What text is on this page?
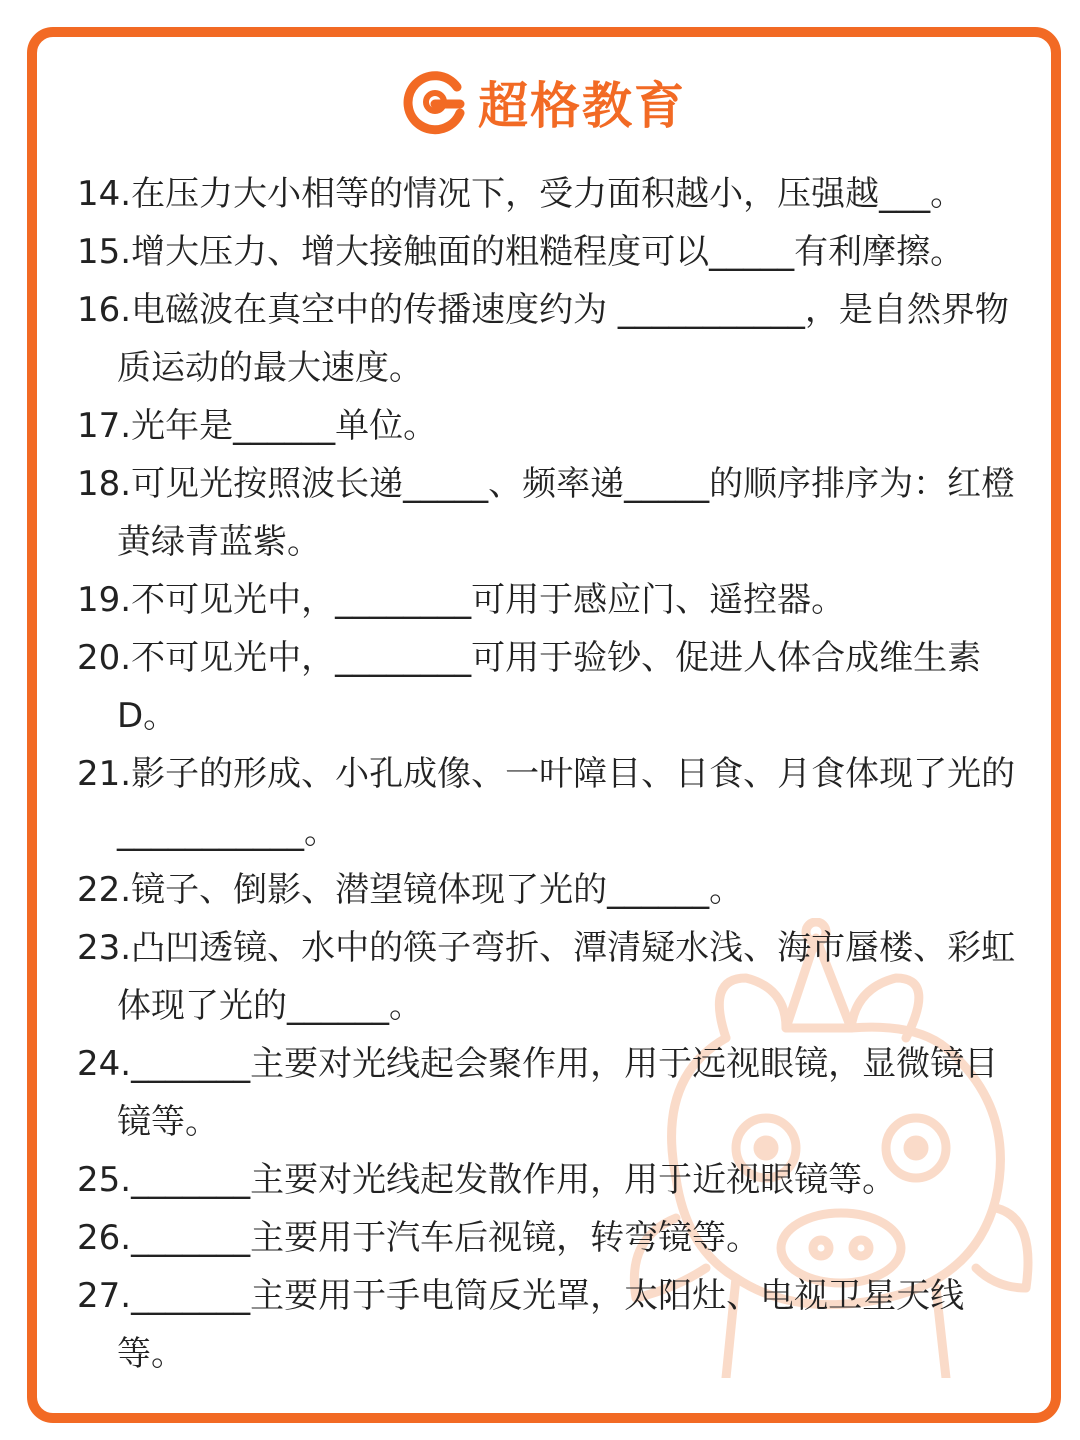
超格教育
14.在压力大小相等的情况下，受力面积越小，压强越___。
15.增大压力、增大接触面的粗糙程度可以_____有利摩擦。
16.电磁波在真空中的传播速度约为 ___________，是自然界物质运动的最大速度。
17.光年是______单位。
18.可见光按照波长递_____、频率递_____的顺序排序为：红橙黄绿青蓝紫。
19.不可见光中，________可用于感应门、遥控器。
20.不可见光中，________可用于验钞、促进人体合成维生素D。
21.影子的形成、小孔成像、一叶障目、日食、月食体现了光的___________。
22.镜子、倒影、潜望镜体现了光的______。
23.凸凹透镜、水中的筷子弯折、潭清疑水浅、海市蜃楼、彩虹体现了光的______。
24._______主要对光线起会聚作用，用于远视眼镜，显微镜目镜等。
25._______主要对光线起发散作用，用于近视眼镜等。
26._______主要用于汽车后视镜，转弯镜等。
27._______主要用于手电筒反光罩，太阳灶、电视卫星天线等。
